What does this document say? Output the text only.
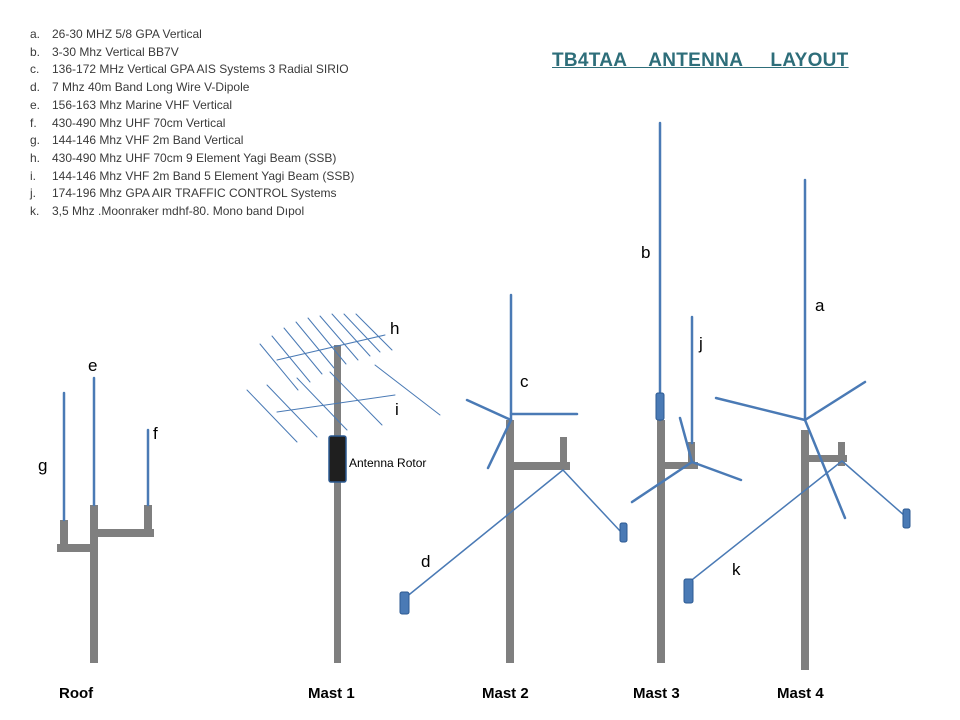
a. 26-30 MHZ 5/8 GPA Vertical
b. 3-30 Mhz Vertical BB7V
c. 136-172 MHz Vertical GPA AIS Systems 3 Radial SIRIO
d. 7 Mhz 40m Band Long Wire V-Dipole
e. 156-163 Mhz Marine VHF Vertical
f. 430-490 Mhz UHF 70cm Vertical
g. 144-146 Mhz VHF 2m Band Vertical
h. 430-490 Mhz UHF 70cm 9 Element Yagi Beam (SSB)
i. 144-146 Mhz VHF 2m Band 5 Element Yagi Beam (SSB)
j. 174-196 Mhz GPA AIR TRAFFIC CONTROL Systems
k. 3,5 Mhz .Moonraker mdhf-80. Mono band Dıpol
TB4TAA    ANTENNA     LAYOUT
a
b
c
d
e
f
g
h
i
j
k
Antenna Rotor
Roof	Mast 1	Mast 2	Mast 3	Mast 4
